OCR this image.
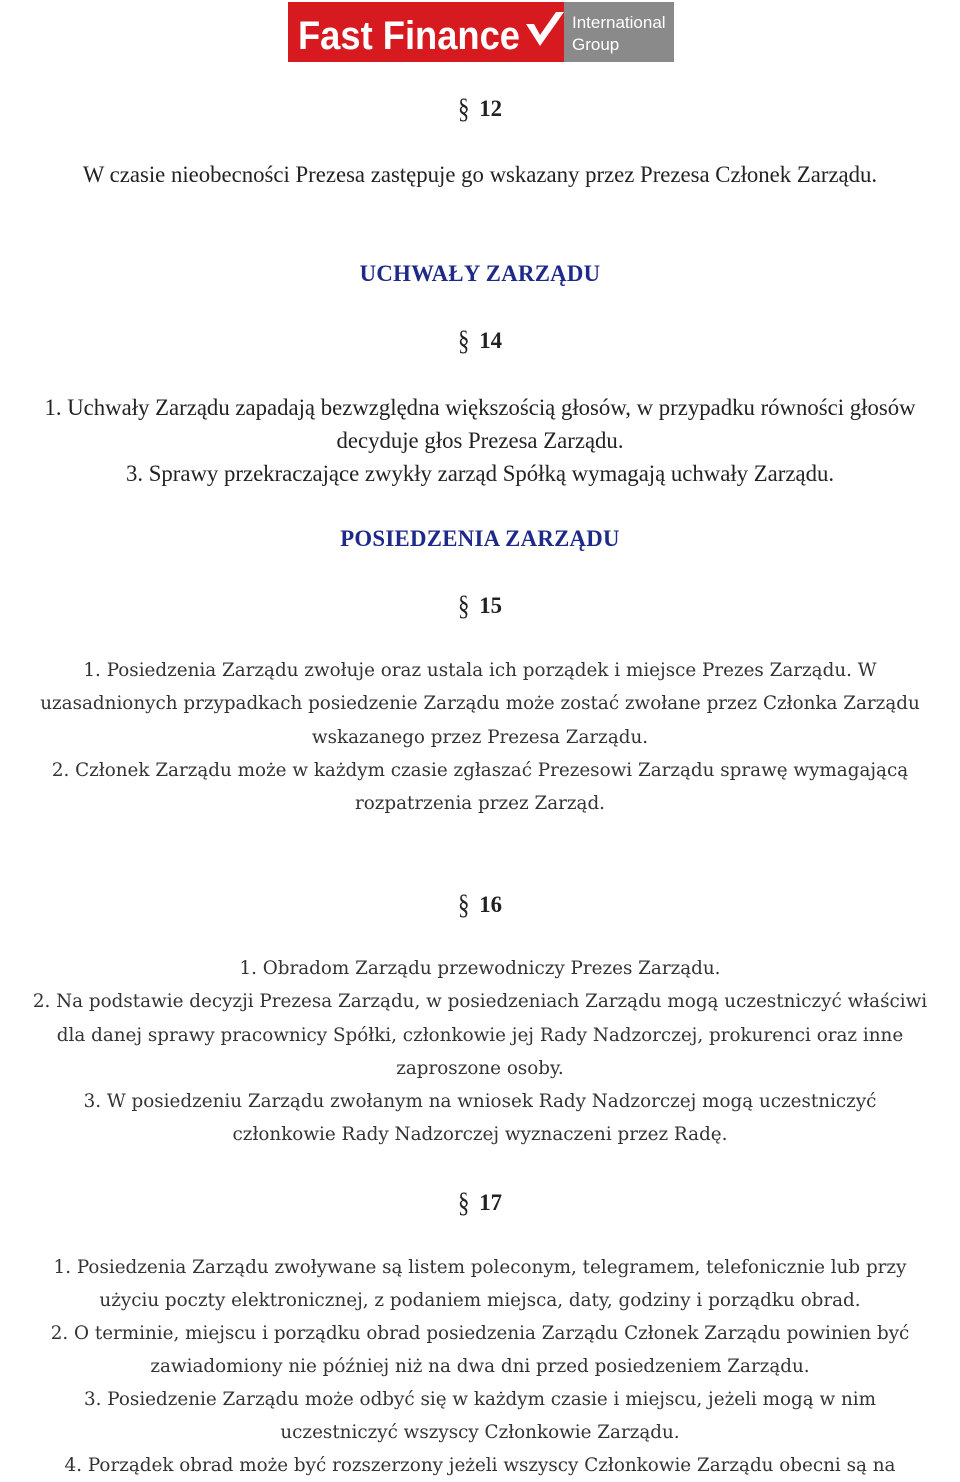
Fast Finance	International
Group
§ 12
W czasie nieobecności Prezesa zastępuje go wskazany przez Prezesa Członek Zarządu.
UCHWAŁY ZARZĄDU
§ 14
1. Uchwały Zarządu zapadają bezwzględna większością głosów, w przypadku równości głosów
decyduje głos Prezesa Zarządu.
3. Sprawy przekraczające zwykły zarząd Spółką wymagają uchwały Zarządu.
POSIEDZENIA ZARZĄDU
§ 15
1. Posiedzenia Zarządu zwołuje oraz ustala ich porządek i miejsce Prezes Zarządu. W
uzasadnionych przypadkach posiedzenie Zarządu może zostać zwołane przez Członka Zarządu
wskazanego przez Prezesa Zarządu.
2. Członek Zarządu może w każdym czasie zgłaszać Prezesowi Zarządu sprawę wymagającą
rozpatrzenia przez Zarząd.
§ 16
1. Obradom Zarządu przewodniczy Prezes Zarządu.
2. Na podstawie decyzji Prezesa Zarządu, w posiedzeniach Zarządu mogą uczestniczyć właściwi
dla danej sprawy pracownicy Spółki, członkowie jej Rady Nadzorczej, prokurenci oraz inne
zaproszone osoby.
3. W posiedzeniu Zarządu zwołanym na wniosek Rady Nadzorczej mogą uczestniczyć
członkowie Rady Nadzorczej wyznaczeni przez Radę.
§ 17
1. Posiedzenia Zarządu zwoływane są listem poleconym, telegramem, telefonicznie lub przy
użyciu poczty elektronicznej, z podaniem miejsca, daty, godziny i porządku obrad.
2. O terminie, miejscu i porządku obrad posiedzenia Zarządu Członek Zarządu powinien być
zawiadomiony nie później niż na dwa dni przed posiedzeniem Zarządu.
3. Posiedzenie Zarządu może odbyć się w każdym czasie i miejscu, jeżeli mogą w nim
uczestniczyć wszyscy Członkowie Zarządu.
4. Porządek obrad może być rozszerzony jeżeli wszyscy Członkowie Zarządu obecni są na
